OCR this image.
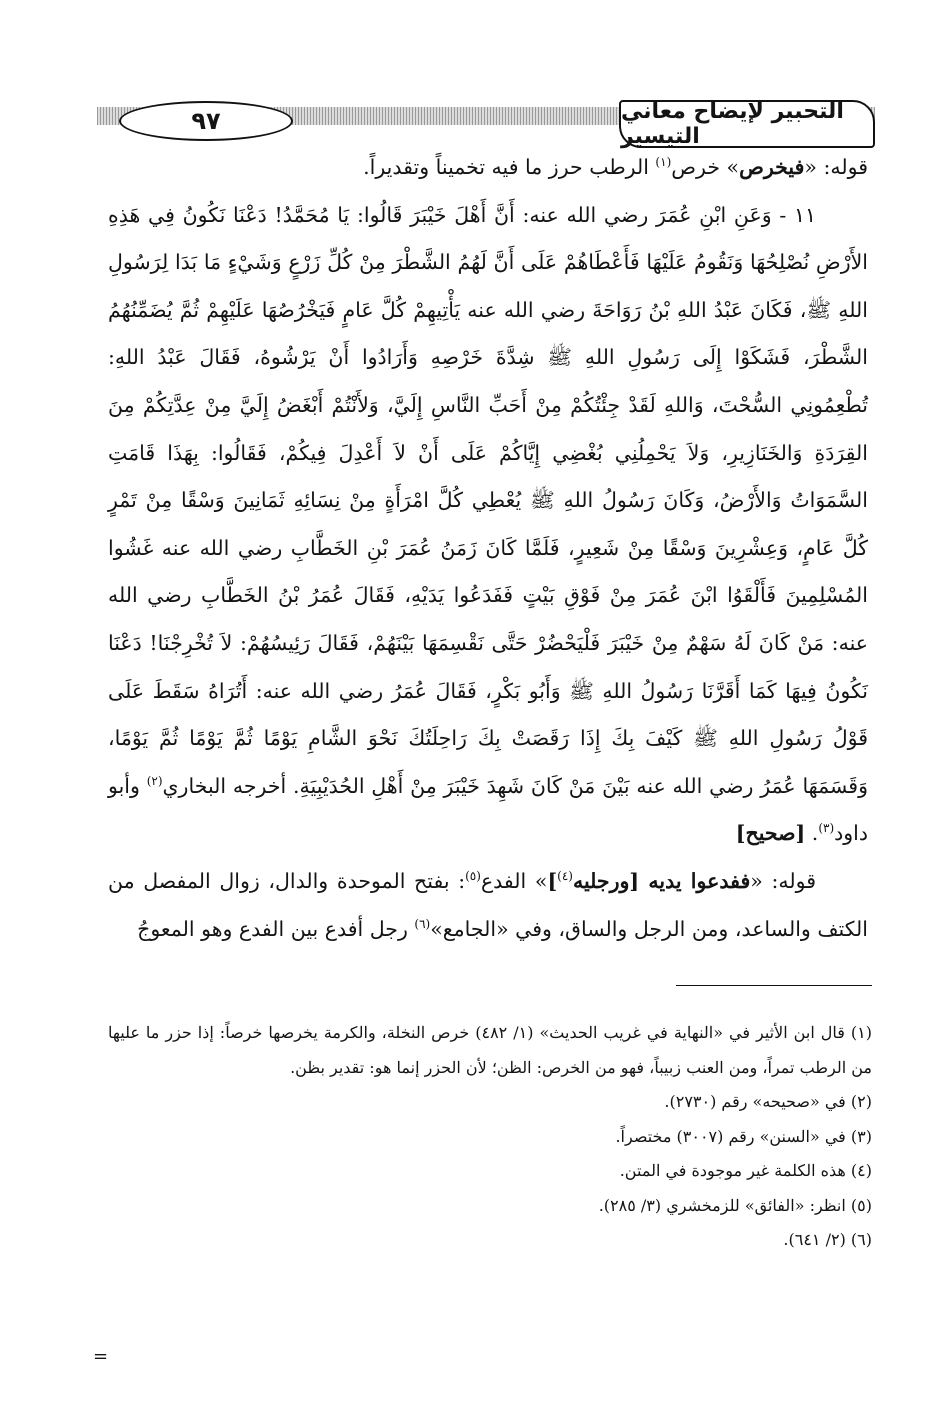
التحبير لإيضاح معاني التيسير
٩٧

قوله: «فيخرص» خرص$^{(١)}$ الرطب حرز ما فيه تخميناً وتقديراً.

١١ - وَعَنِ ابْنِ عُمَرَ رضي الله عنه: أَنَّ أَهْلَ خَيْبَرَ قَالُوا: يَا مُحَمَّدُ! دَعْنَا نَكُونُ فِي هَذِهِ الأَرْضِ نُصْلِحُهَا وَنَقُومُ عَلَيْهَا فَأَعْطَاهُمْ عَلَى أَنَّ لَهُمُ الشَّطْرَ مِنْ كُلِّ زَرْعٍ وَشَيْءٍ مَا بَدَا لِرَسُولِ اللهِ ﷺ، فَكَانَ عَبْدُ اللهِ بْنُ رَوَاحَةَ رضي الله عنه يَأْتِيهِمْ كُلَّ عَامٍ فَيَخْرُصُهَا عَلَيْهِمْ ثُمَّ يُضَمِّنُهُمُ الشَّطْرَ، فَشَكَوْا إِلَى رَسُولِ اللهِ ﷺ شِدَّةَ خَرْصِهِ وَأَرَادُوا أَنْ يَرْشُوهُ، فَقَالَ عَبْدُ اللهِ: تُطْعِمُونِي السُّحْتَ، وَاللهِ لَقَدْ جِئْتُكُمْ مِنْ أَحَبِّ النَّاسِ إِلَيَّ، وَلأَنْتُمْ أَبْغَضُ إِلَيَّ مِنْ عِدَّتِكُمْ مِنَ القِرَدَةِ وَالخَنَازِيرِ، وَلاَ يَحْمِلُنِي بُغْضِي إِيَّاكُمْ عَلَى أَنْ لاَ أَعْدِلَ فِيكُمْ، فَقَالُوا: بِهَذَا قَامَتِ السَّمَوَاتُ وَالأَرْضُ، وَكَانَ رَسُولُ اللهِ ﷺ يُعْطِي كُلَّ امْرَأَةٍ مِنْ نِسَائِهِ ثَمَانِينَ وَسْقًا مِنْ تَمْرٍ كُلَّ عَامٍ، وَعِشْرِينَ وَسْقًا مِنْ شَعِيرٍ، فَلَمَّا كَانَ زَمَنُ عُمَرَ بْنِ الخَطَّابِ رضي الله عنه غَشُوا المُسْلِمِينَ فَأَلْقَوُا ابْنَ عُمَرَ مِنْ فَوْقِ بَيْتٍ فَفَدَعُوا يَدَيْهِ، فَقَالَ عُمَرُ بْنُ الخَطَّابِ رضي الله عنه: مَنْ كَانَ لَهُ سَهْمٌ مِنْ خَيْبَرَ فَلْيَحْضُرْ حَتَّى نَقْسِمَهَا بَيْنَهُمْ، فَقَالَ رَئِيسُهُمْ: لاَ تُخْرِجْنَا! دَعْنَا نَكُونُ فِيهَا كَمَا أَقَرَّنَا رَسُولُ اللهِ ﷺ وَأَبُو بَكْرٍ، فَقَالَ عُمَرُ رضي الله عنه: أَتُرَاهُ سَقَطَ عَلَى قَوْلُ رَسُولِ اللهِ ﷺ كَيْفَ بِكَ إِذَا رَقَصَتْ بِكَ رَاحِلَتُكَ نَحْوَ الشَّامِ يَوْمًا ثُمَّ يَوْمًا ثُمَّ يَوْمًا، وَقَسَمَهَا عُمَرُ رضي الله عنه بَيْنَ مَنْ كَانَ شَهِدَ خَيْبَرَ مِنْ أَهْلِ الحُدَيْبِيَةِ. أخرجه البخاري$^{(٢)}$ وأبو داود$^{(٣)}$. [صحيح]

قوله: «ففدعوا يديه [ورجليه$^{(٤)}$]» الفدع$^{(٥)}$: بفتح الموحدة والدال، زوال المفصل من الكتف والساعد، ومن الرجل والساق، وفي «الجامع»$^{(٦)}$ رجل أفدع بين الفدع وهو المعوجُ

(١) قال ابن الأثير في «النهاية في غريب الحديث» (١/ ٤٨٢) خرص النخلة، والكرمة يخرصها خرصاً: إذا حزر ما عليها من الرطب تمراً، ومن العنب زبيباً، فهو من الخرص: الظن؛ لأن الحزر إنما هو: تقدير بظن.

(٢) في «صحيحه» رقم (٢٧٣٠).

(٣) في «السنن» رقم (٣٠٠٧) مختصراً.

(٤) هذه الكلمة غير موجودة في المتن.

(٥) انظر: «الفائق» للزمخشري (٣/ ٢٨٥).

(٦) (٢/ ٦٤١).

=
